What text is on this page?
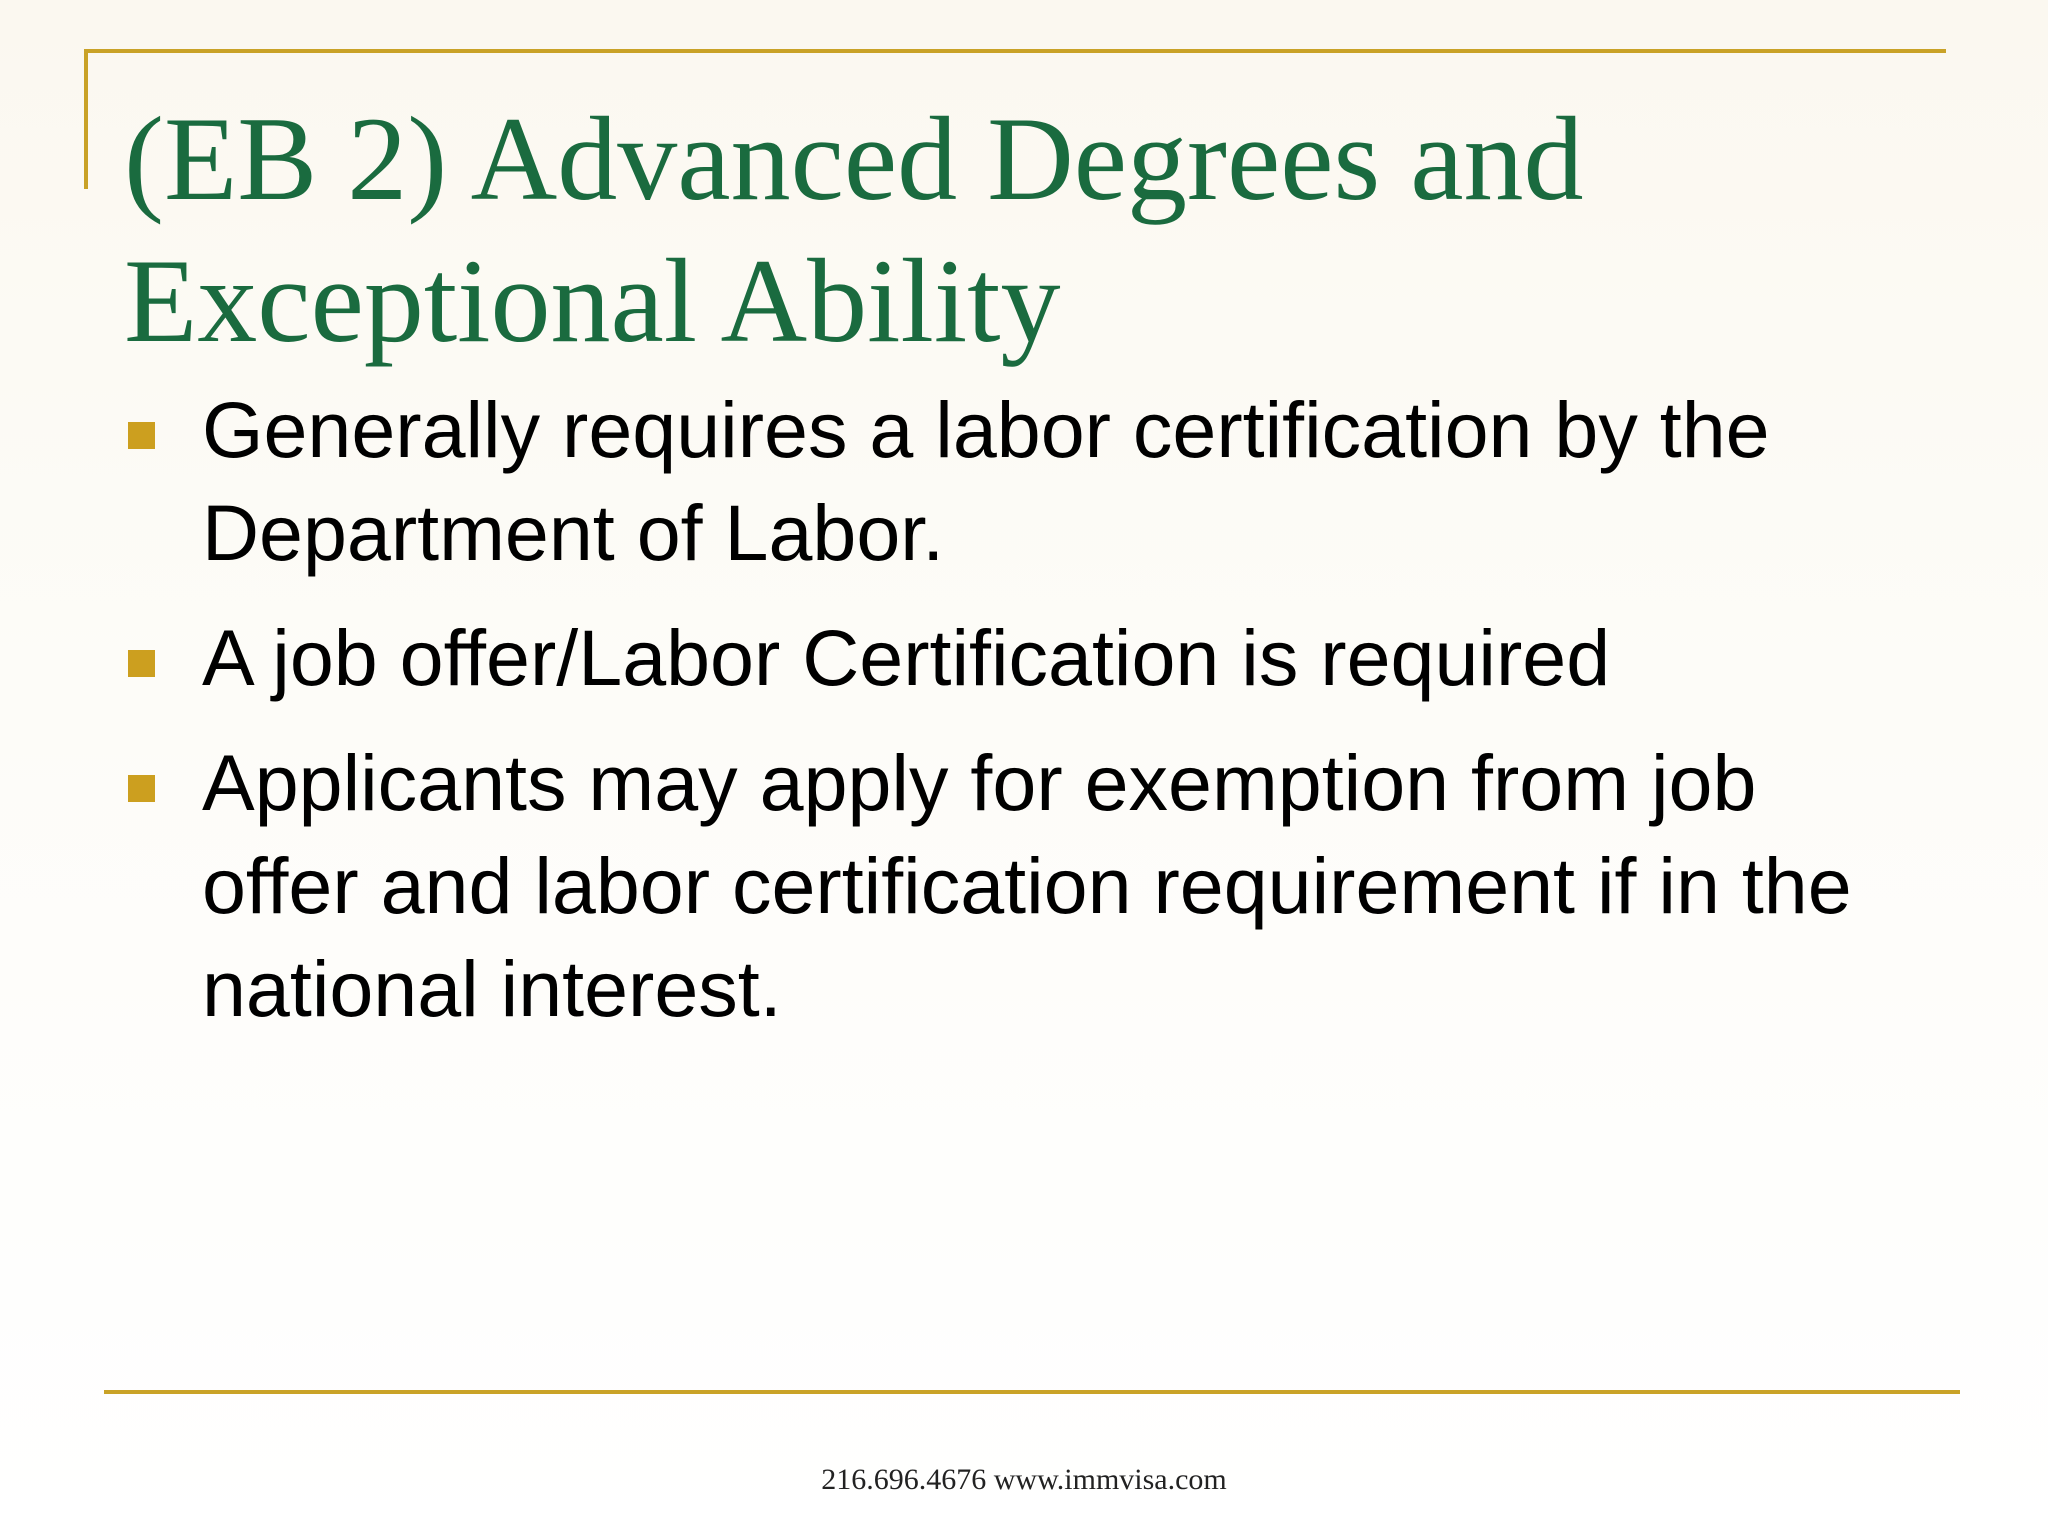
(EB 2) Advanced Degrees and Exceptional Ability
Generally requires a labor certification by the Department of Labor.
A job offer/Labor Certification is required
Applicants may apply for exemption from job offer and labor certification requirement if in the national interest.
216.696.4676 www.immvisa.com
